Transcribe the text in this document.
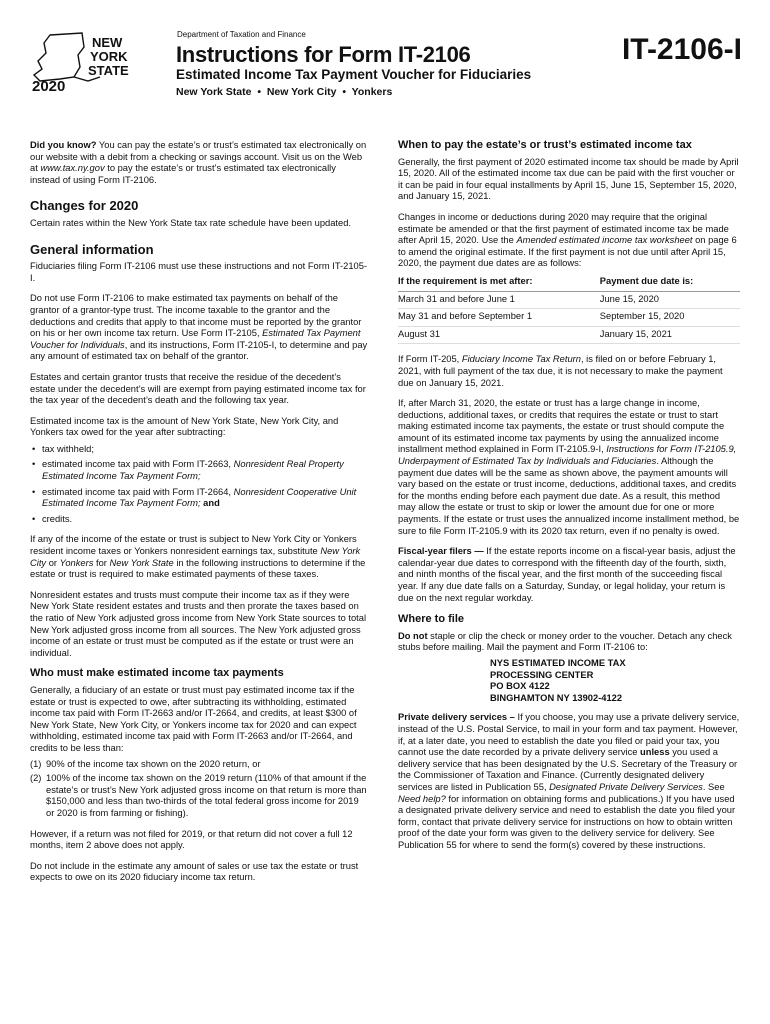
NEW
YORK
STATE
2020
Department of Taxation and Finance
Instructions for Form IT-2106	IT-2106-I
Estimated Income Tax Payment Voucher for Fiduciaries
New York State  •  New York City  •  Yonkers

Did you know? You can pay the estate’s or trust’s estimated tax electronically on our website with a debit from a checking or savings account. Visit us on the Web at www.tax.ny.gov to pay the estate’s or trust’s estimated tax electronically instead of using Form IT-2106.

Changes for 2020

Certain rates within the New York State tax rate schedule have been updated.

General information

Fiduciaries filing Form IT-2106 must use these instructions and not Form IT-2105-I.

Do not use Form IT-2106 to make estimated tax payments on behalf of the grantor of a grantor-type trust. The income taxable to the grantor and the deductions and credits that apply to that income must be reported by the grantor on his or her own income tax return. Use Form IT-2105, Estimated Tax Payment Voucher for Individuals, and its instructions, Form IT-2105-I, to determine and pay any amount of estimated tax on behalf of the grantor.

Estates and certain grantor trusts that receive the residue of the decedent’s estate under the decedent’s will are exempt from paying estimated income tax for the tax year of the decedent’s death and the following tax year.

Estimated income tax is the amount of New York State, New York City, and Yonkers tax owed for the year after subtracting:

• tax withheld;
• estimated income tax paid with Form IT-2663, Nonresident Real Property Estimated Income Tax Payment Form;
• estimated income tax paid with Form IT-2664, Nonresident Cooperative Unit Estimated Income Tax Payment Form; and
• credits.

If any of the income of the estate or trust is subject to New York City or Yonkers resident income taxes or Yonkers nonresident earnings tax, substitute New York City or Yonkers for New York State in the following instructions to determine if the estate or trust is required to make estimated payments of these taxes.

Nonresident estates and trusts must compute their income tax as if they were New York State resident estates and trusts and then prorate the taxes based on the ratio of New York adjusted gross income from New York State sources to total New York adjusted gross income from all sources. The New York adjusted gross income of an estate or trust must be computed as if the estate or trust were an individual.

Who must make estimated income tax payments

Generally, a fiduciary of an estate or trust must pay estimated income tax if the estate or trust is expected to owe, after subtracting its withholding, estimated income tax paid with Form IT-2663 and/or IT-2664, and credits, at least $300 of New York State, New York City, or Yonkers income tax for 2020 and can expect withholding, estimated income tax paid with Form IT-2663 and/or IT-2664, and credits to be less than:

(1) 90% of the income tax shown on the 2020 return, or
(2) 100% of the income tax shown on the 2019 return (110% of that amount if the estate’s or trust’s New York adjusted gross income on that return is more than $150,000 and less than two-thirds of the total federal gross income for 2019 or 2020 is from farming or fishing).

However, if a return was not filed for 2019, or that return did not cover a full 12 months, item 2 above does not apply.

Do not include in the estimate any amount of sales or use tax the estate or trust expects to owe on its 2020 fiduciary income tax return.

When to pay the estate’s or trust’s estimated income tax

Generally, the first payment of 2020 estimated income tax should be made by April 15, 2020. All of the estimated income tax due can be paid with the first voucher or it can be paid in four equal installments by April 15, June 15, September 15, 2020, and January 15, 2021.

Changes in income or deductions during 2020 may require that the original estimate be amended or that the first payment of estimated income tax be made after April 15, 2020. Use the Amended estimated income tax worksheet on page 6 to amend the original estimate. If the first payment is not due until after April 15, 2020, the payment due dates are as follows:

If the requirement is met after:	Payment due date is:
March 31 and before June 1	June 15, 2020
May 31 and before September 1	September 15, 2020
August 31	January 15, 2021

If Form IT-205, Fiduciary Income Tax Return, is filed on or before February 1, 2021, with full payment of the tax due, it is not necessary to make the payment due on January 15, 2021.

If, after March 31, 2020, the estate or trust has a large change in income, deductions, additional taxes, or credits that requires the estate or trust to start making estimated income tax payments, the estate or trust should compute the amount of its estimated income tax payments by using the annualized income installment method explained in Form IT-2105.9-I, Instructions for Form IT-2105.9, Underpayment of Estimated Tax by Individuals and Fiduciaries. Although the payment due dates will be the same as shown above, the payment amounts will vary based on the estate or trust income, deductions, additional taxes, and credits for the months ending before each payment due date. As a result, this method may allow the estate or trust to skip or lower the amount due for one or more payments. If the estate or trust uses the annualized income installment method, be sure to file Form IT-2105.9 with its 2020 tax return, even if no penalty is owed.

Fiscal-year filers — If the estate reports income on a fiscal-year basis, adjust the calendar-year due dates to correspond with the fifteenth day of the fourth, sixth, and ninth months of the fiscal year, and the first month of the succeeding fiscal year. If any due date falls on a Saturday, Sunday, or legal holiday, your return is due on the next regular workday.

Where to file

Do not staple or clip the check or money order to the voucher. Detach any check stubs before mailing. Mail the payment and Form IT-2106 to:

NYS ESTIMATED INCOME TAX
PROCESSING CENTER
PO BOX 4122
BINGHAMTON NY 13902-4122

Private delivery services – If you choose, you may use a private delivery service, instead of the U.S. Postal Service, to mail in your form and tax payment. However, if, at a later date, you need to establish the date you filed or paid your tax, you cannot use the date recorded by a private delivery service unless you used a delivery service that has been designated by the U.S. Secretary of the Treasury or the Commissioner of Taxation and Finance. (Currently designated delivery services are listed in Publication 55, Designated Private Delivery Services. See Need help? for information on obtaining forms and publications.) If you have used a designated private delivery service and need to establish the date you filed your form, contact that private delivery service for instructions on how to obtain written proof of the date your form was given to the delivery service for delivery. See Publication 55 for where to send the form(s) covered by these instructions.
